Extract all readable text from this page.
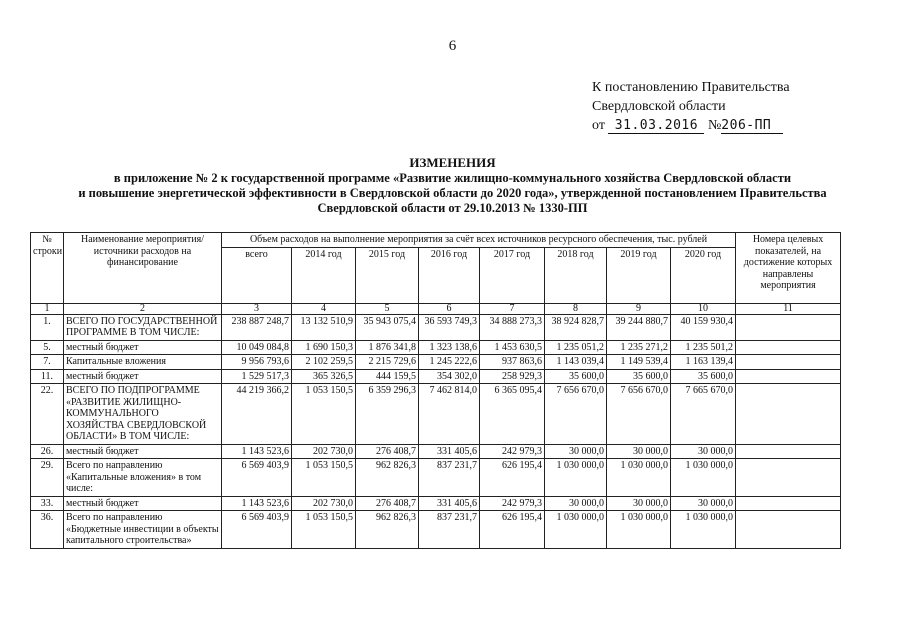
6
К постановлению Правительства
Свердловской области
от 31.03.2016 №206-ПП
ИЗМЕНЕНИЯ
в приложение № 2 к государственной программе «Развитие жилищно-коммунального хозяйства Свердловской области
и повышение энергетической эффективности в Свердловской области до 2020 года», утвержденной постановлением Правительства
Свердловской области от 29.10.2013 № 1330-ПП
№ строки	Наименование мероприятия/источники расходов на финансирование	Объем расходов на выполнение мероприятия за счёт всех источников ресурсного обеспечения, тыс. рублей								Номера целевых показателей, на достижение которых направлены мероприятия
		всего	2014 год	2015 год	2016 год	2017 год	2018 год	2019 год	2020 год	
1	2	3	4	5	6	7	8	9	10	11
1.	ВСЕГО ПО ГОСУДАРСТВЕННОЙ ПРОГРАММЕ В ТОМ ЧИСЛЕ:	238 887 248,7	13 132 510,9	35 943 075,4	36 593 749,3	34 888 273,3	38 924 828,7	39 244 880,7	40 159 930,4	
5.	местный бюджет	10 049 084,8	1 690 150,3	1 876 341,8	1 323 138,6	1 453 630,5	1 235 051,2	1 235 271,2	1 235 501,2	
7.	Капитальные вложения	9 956 793,6	2 102 259,5	2 215 729,6	1 245 222,6	937 863,6	1 143 039,4	1 149 539,4	1 163 139,4	
11.	местный бюджет	1 529 517,3	365 326,5	444 159,5	354 302,0	258 929,3	35 600,0	35 600,0	35 600,0	
22.	ВСЕГО ПО ПОДПРОГРАММЕ «РАЗВИТИЕ ЖИЛИЩНО-КОММУНАЛЬНОГО ХОЗЯЙСТВА СВЕРДЛОВСКОЙ ОБЛАСТИ» В ТОМ ЧИСЛЕ:	44 219 366,2	1 053 150,5	6 359 296,3	7 462 814,0	6 365 095,4	7 656 670,0	7 656 670,0	7 665 670,0	
26.	местный бюджет	1 143 523,6	202 730,0	276 408,7	331 405,6	242 979,3	30 000,0	30 000,0	30 000,0	
29.	Всего по направлению «Капитальные вложения» в том числе:	6 569 403,9	1 053 150,5	962 826,3	837 231,7	626 195,4	1 030 000,0	1 030 000,0	1 030 000,0	
33.	местный бюджет	1 143 523,6	202 730,0	276 408,7	331 405,6	242 979,3	30 000,0	30 000,0	30 000,0	
36.	Всего по направлению «Бюджетные инвестиции в объекты капитального строительства»	6 569 403,9	1 053 150,5	962 826,3	837 231,7	626 195,4	1 030 000,0	1 030 000,0	1 030 000,0	
